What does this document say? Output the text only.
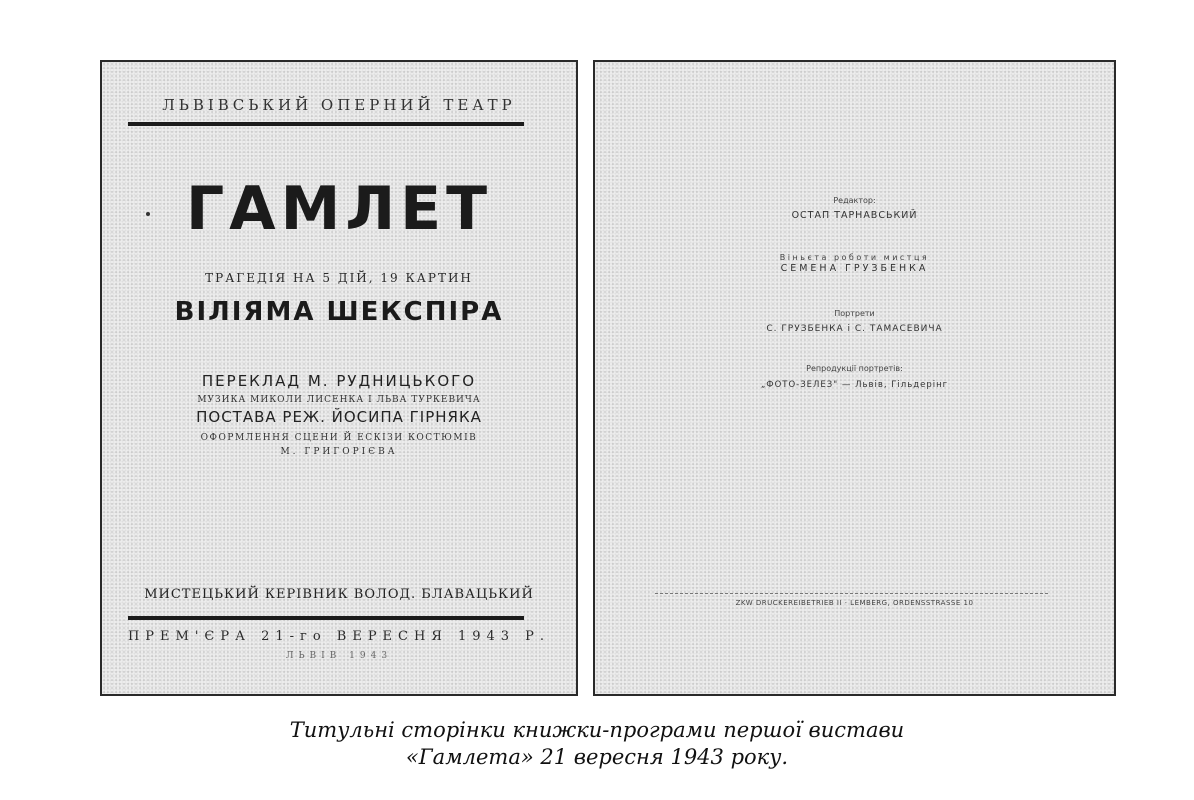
ЛЬВІВСЬКИЙ ОПЕРНИЙ ТЕАТР
ГАМЛЕТ
ТРАГЕДІЯ НА 5 ДІЙ, 19 КАРТИН
ВІЛІЯМА ШЕКСПІРА
ПЕРЕКЛАД М. РУДНИЦЬКОГО
МУЗИКА МИКОЛИ ЛИСЕНКА І ЛЬВА ТУРКЕВИЧА
ПОСТАВА РЕЖ. ЙОСИПА ГІРНЯКА
ОФОРМЛЕННЯ СЦЕНИ Й ЕСКІЗИ КОСТЮМІВ
М. ГРИГОРІЄВА
МИСТЕЦЬКИЙ КЕРІВНИК ВОЛОД. БЛАВАЦЬКИЙ
ПРЕМ'ЄРА 21-го ВЕРЕСНЯ 1943 Р.
ЛЬВІВ 1943
Редактор:
ОСТАП ТАРНАВСЬКИЙ
Віньєта роботи мистця
СЕМЕНА ГРУЗБЕНКА
Портрети
С. ГРУЗБЕНКА і С. ТАМАСЕВИЧА
Репродукції портретів:
„ФОТО-ЗЕЛЕЗ" — Львів, Гільдерінг
ZKW DRUCKEREIBETRIEB II · LEMBERG, ORDENSSTRASSE 10
Титульні сторінки книжки-програми першої вистави
«Гамлета» 21 вересня 1943 року.
